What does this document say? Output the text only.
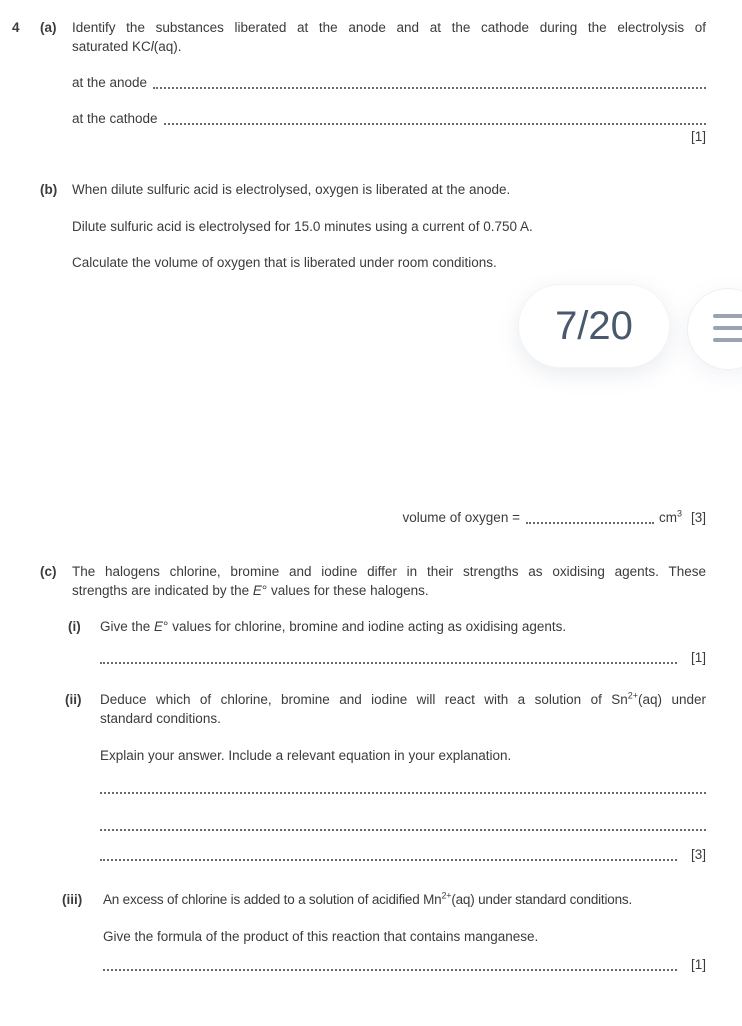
4 (a) Identify the substances liberated at the anode and at the cathode during the electrolysis of
saturated KCl(aq).
at the anode
at the cathode
[1]
(b) When dilute sulfuric acid is electrolysed, oxygen is liberated at the anode.
Dilute sulfuric acid is electrolysed for 15.0 minutes using a current of 0.750 A.
Calculate the volume of oxygen that is liberated under room conditions.
7/20
volume of oxygen =	$cm^3$ [3]
(c) The halogens chlorine, bromine and iodine differ in their strengths as oxidising agents. These
strengths are indicated by the E° values for these halogens.
(i) Give the E° values for chlorine, bromine and iodine acting as oxidising agents.
[1]
(ii) Deduce which of chlorine, bromine and iodine will react with a solution of $Sn^{2+}(aq)$ under
standard conditions.
Explain your answer. Include a relevant equation in your explanation.
[3]
(iii) An excess of chlorine is added to a solution of acidified $Mn^{2+}(aq)$ under standard conditions.
Give the formula of the product of this reaction that contains manganese.
[1]
